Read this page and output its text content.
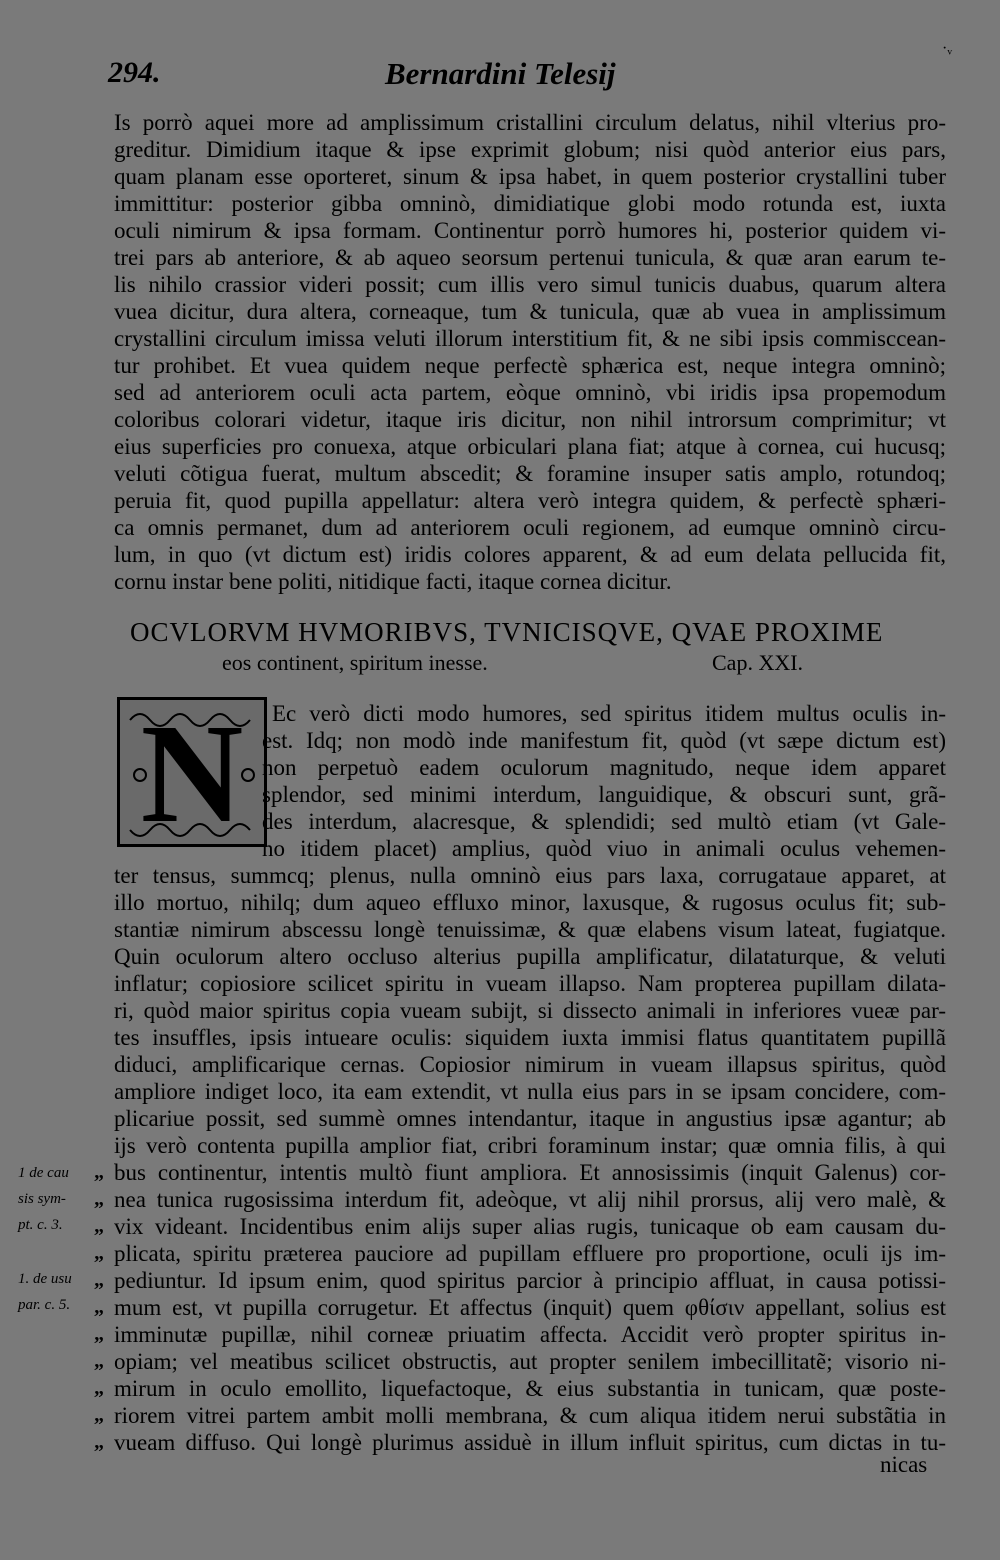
294.	Bernardini Telesij
·ᵥ
Is porrò aquei more ad amplissimum cristallini circulum delatus, nihil vlterius pro-
greditur. Dimidium itaque & ipse exprimit globum; nisi quòd anterior eius pars,
quam planam esse oporteret, sinum & ipsa habet, in quem posterior crystallini tuber
immittitur: posterior gibba omninò, dimidiatique globi modo rotunda est, iuxta
oculi nimirum & ipsa formam. Continentur porrò humores hi, posterior quidem vi-
trei pars ab anteriore, & ab aqueo seorsum pertenui tunicula, & quæ aran earum te-
lis nihilo crassior videri possit; cum illis vero simul tunicis duabus, quarum altera
vuea dicitur, dura altera, corneaque, tum & tunicula, quæ ab vuea in amplissimum
crystallini circulum imissa veluti illorum interstitium fit, & ne sibi ipsis commisccean-
tur prohibet. Et vuea quidem neque perfectè sphærica est, neque integra omninò;
sed ad anteriorem oculi acta partem, eòque omninò, vbi iridis ipsa propemodum
coloribus colorari videtur, itaque iris dicitur, non nihil introrsum comprimitur; vt
eius superficies pro conuexa, atque orbiculari plana fiat; atque à cornea, cui hucusq;
veluti cõtigua fuerat, multum abscedit; & foramine insuper satis amplo, rotundoq;
peruia fit, quod pupilla appellatur: altera verò integra quidem, & perfectè sphæri-
ca omnis permanet, dum ad anteriorem oculi regionem, ad eumque omninò circu-
lum, in quo (vt dictum est) iridis colores apparent, & ad eum delata pellucida fit,
cornu instar bene politi, nitidique facti, itaque cornea dicitur.
OCVLORVM HVMORIBVS, TVNICISQVE, QVAE PROXIME
eos continent, spiritum inesse.	Cap. XXI.
N	Ec verò dicti modo humores, sed spiritus itidem multus oculis in-
est. Idq; non modò inde manifestum fit, quòd (vt sæpe dictum est)
non perpetuò eadem oculorum magnitudo, neque idem apparet
splendor, sed minimi interdum, languidique, & obscuri sunt, grã-
des interdum, alacresque, & splendidi; sed multò etiam (vt Gale-
no itidem placet) amplius, quòd viuo in animali oculus vehemen-
ter tensus, summcq; plenus, nulla omninò eius pars laxa, corrugataue apparet, at
illo mortuo, nihilq; dum aqueo effluxo minor, laxusque, & rugosus oculus fit; sub-
stantiæ nimirum abscessu longè tenuissimæ, & quæ elabens visum lateat, fugiatque.
Quin oculorum altero occluso alterius pupilla amplificatur, dilataturque, & veluti
inflatur; copiosiore scilicet spiritu in vueam illapso. Nam propterea pupillam dilata-
ri, quòd maior spiritus copia vueam subijt, si dissecto animali in inferiores vueæ par-
tes insuffles, ipsis intueare oculis: siquidem iuxta immisi flatus quantitatem pupillã
diduci, amplificarique cernas. Copiosior nimirum in vueam illapsus spiritus, quòd
ampliore indiget loco, ita eam extendit, vt nulla eius pars in se ipsam concidere, com-
plicariue possit, sed summè omnes intendantur, itaque in angustius ipsæ agantur; ab
ijs verò contenta pupilla amplior fiat, cribri foraminum instar; quæ omnia filis, à qui
bus continentur, intentis multò fiunt ampliora. Et annosissimis (inquit Galenus) cor-
nea tunica rugosissima interdum fit, adeòque, vt alij nihil prorsus, alij vero malè, &
vix videant. Incidentibus enim alijs super alias rugis, tunicaque ob eam causam du-
plicata, spiritu præterea pauciore ad pupillam effluere pro proportione, oculi ijs im-
pediuntur. Id ipsum enim, quod spiritus parcior à principio affluat, in causa potissi-
mum est, vt pupilla corrugetur. Et affectus (inquit) quem φθίσιν appellant, solius est
imminutæ pupillæ, nihil corneæ priuatim affecta. Accidit verò propter spiritus in-
opiam; vel meatibus scilicet obstructis, aut propter senilem imbecillitatẽ; visorio ni-
mirum in oculo emollito, liquefactoque, & eius substantia in tunicam, quæ poste-
riorem vitrei partem ambit molli membrana, & cum aliqua itidem nerui substãtia in
vueam diffuso. Qui longè plurimus assiduè in illum influit spiritus, cum dictas in tu-
nicas
1 de cau
sis sym-
pt. c. 3.
1. de usu
par. c. 5.
„
„
„
„
„
„
„
„
„
„
„
